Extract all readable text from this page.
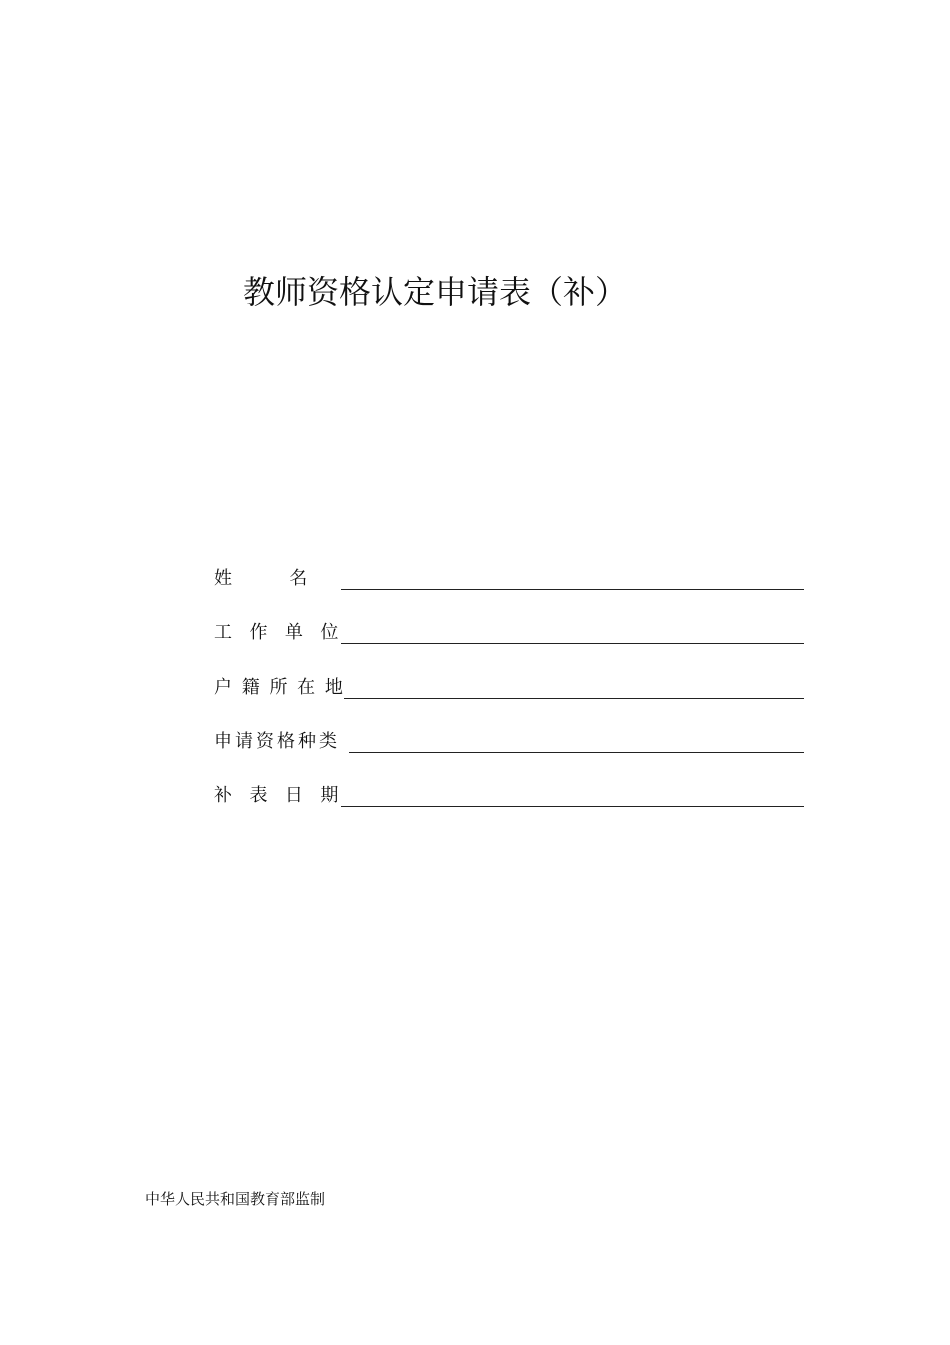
教师资格认定申请表（补）
姓          名
工  作  单  位
户 籍 所 在 地
申请资格种类
补  表  日  期
中华人民共和国教育部监制
